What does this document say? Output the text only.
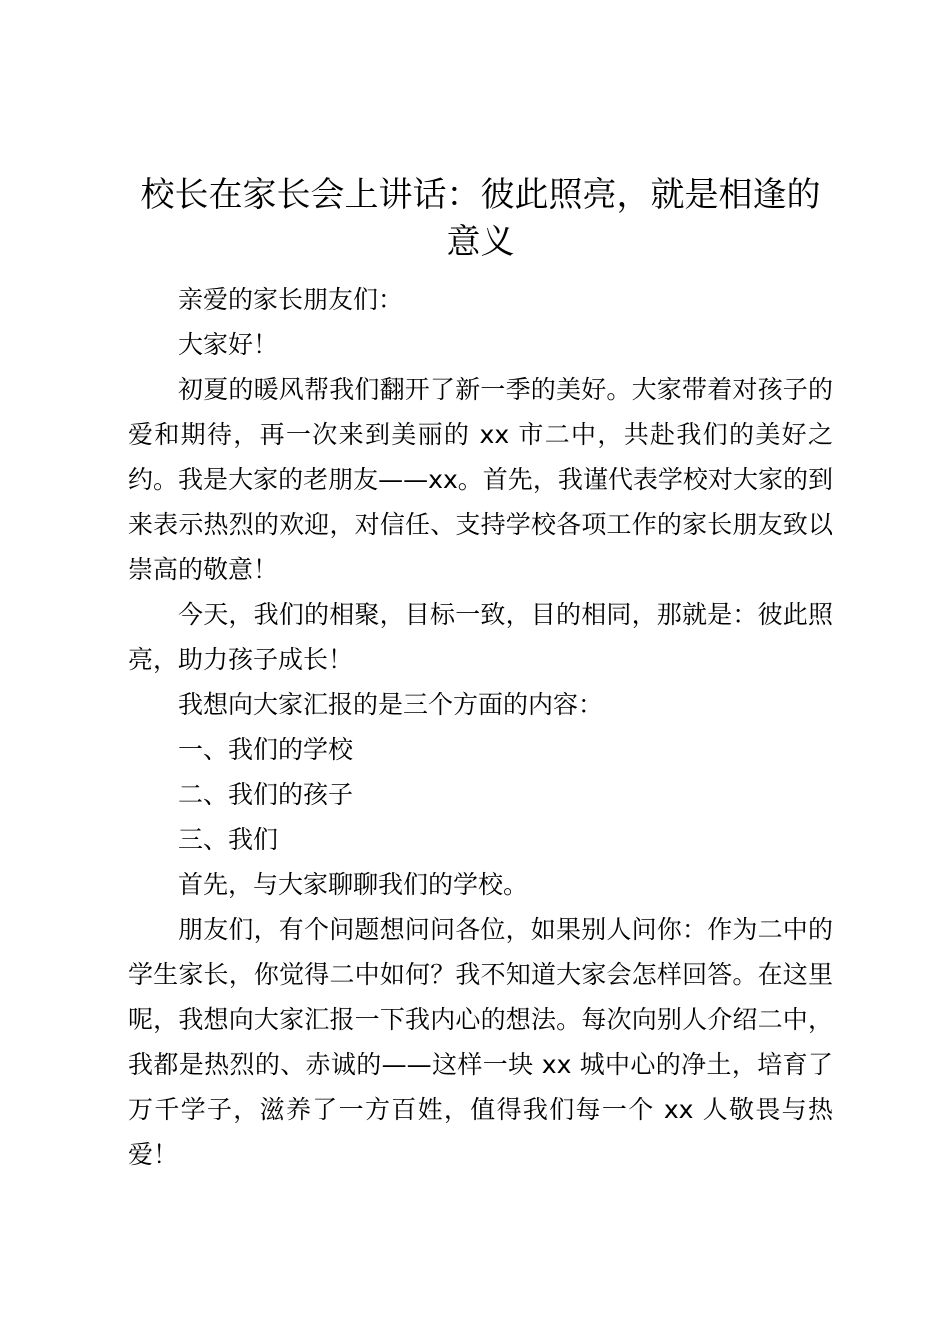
校长在家长会上讲话：彼此照亮，就是相逢的意义

亲爱的家长朋友们：

大家好！

初夏的暖风帮我们翻开了新一季的美好。大家带着对孩子的爱和期待，再一次来到美丽的 xx 市二中，共赴我们的美好之约。我是大家的老朋友——xx。首先，我谨代表学校对大家的到来表示热烈的欢迎，对信任、支持学校各项工作的家长朋友致以崇高的敬意！

今天，我们的相聚，目标一致，目的相同，那就是：彼此照亮，助力孩子成长！

我想向大家汇报的是三个方面的内容：

一、我们的学校

二、我们的孩子

三、我们

首先，与大家聊聊我们的学校。

朋友们，有个问题想问问各位，如果别人问你：作为二中的学生家长，你觉得二中如何？我不知道大家会怎样回答。在这里呢，我想向大家汇报一下我内心的想法。每次向别人介绍二中，我都是热烈的、赤诚的——这样一块 xx 城中心的净土，培育了万千学子，滋养了一方百姓，值得我们每一个 xx 人敬畏与热爱！
